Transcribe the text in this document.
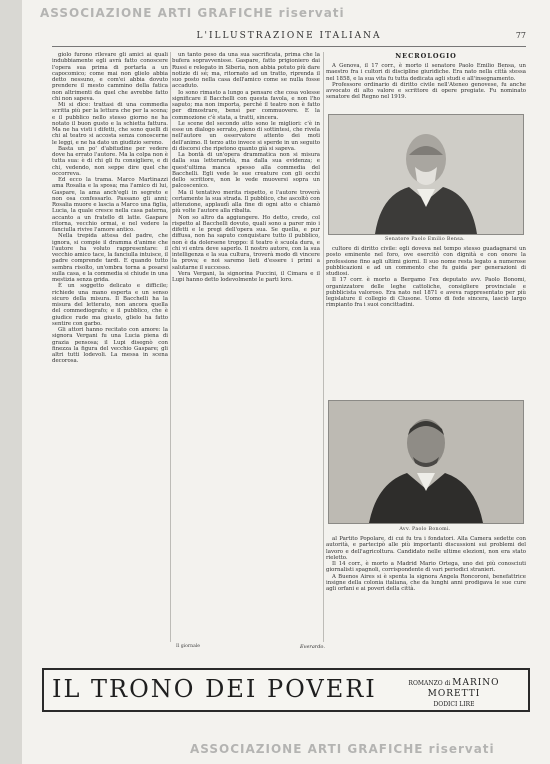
ASSOCIAZIONE ARTI GRAFICHE riservati
ASSOCIAZIONE ARTI GRAFICHE riservati
L'ILLUSTRAZIONE ITALIANA	77

giolo furono rilevare gli amici ai quali indubbiamente egli avrà fatto conoscere l'opera sua prima di portarla a un capocomico; come mai non glielo abbia detto nessuno, e com'ei abbia dovuto prendere il mesto cammino della fatica non altrimenti da quel che avrebbe fatto chi non sapeva.

Mi si dice: trattasi di una commedia scritta più per la lettura che per la scena; e il pubblico nello stesso giorno ne ha notato il buon gusto e la schietta fattura. Ma ne ha visti i difetti, che sono quelli di chi al teatro si accosta senza conoscerne le leggi, e ne ha dato un giudizio sereno.

Basta un po' d'abitudine per vedere dove ha errato l'autore. Ma la colpa non è tutta sua: è di chi gli fu consigliere, e di chi, vedendo, non seppe dire quel che occorreva.

Ed ecco la trama. Marco Martinazzi ama Rosalia e la sposa; ma l'amico di lui, Gaspare, la ama anch'egli in segreto e non osa confessarlo. Passano gli anni; Rosalia muore e lascia a Marco una figlia, Lucia, la quale cresce nella casa paterna, accanto a un fratello di latte. Gaspare ritorna, vecchio ormai, e nel vedere la fanciulla rivive l'amore antico.

Nella trepida attesa del padre, che ignora, si compie il dramma d'anime che l'autore ha voluto rappresentare: il vecchio amico tace, la fanciulla intuisce, il padre comprende tardi. E quando tutto sembra risolto, un'ombra torna a posarsi sulla casa, e la commedia si chiude in una mestizia senza grida.

È un soggetto delicato e difficile; richiede una mano esperta e un senso sicuro della misura. Il Bacchelli ha la misura del letterato, non ancora quella del commediografo; e il pubblico, che è giudice rude ma giusto, glielo ha fatto sentire con garbo.

Gli attori hanno recitato con amore: la signora Vergani fu una Lucia piena di grazia pensosa; il Lupi disegnò con finezza la figura del vecchio Gaspare; gli altri tutti lodevoli. La messa in scena decorosa.

un tanto peso da una sua sacrificata, prima che la bufera sopravvenisse. Gaspare, fatto prigioniero dai Russi e relegato in Siberia, non abbia potuto più dare notizie di sé; ma, ritornato ad un tratto, riprenda il suo posto nella casa dell'amico come se nulla fosse accaduto.

Io sono rimasto a lungo a pensare che cosa volesse significare il Bacchelli con questa favola, e non l'ho saputo; ma non importa, perché il teatro non è fatto per dimostrare, bensì per commuovere. E la commozione c'è stata, a tratti, sincera.

Le scene del secondo atto sono le migliori: c'è in esse un dialogo serrato, pieno di sottintesi, che rivela nell'autore un osservatore attento dei moti dell'animo. Il terzo atto invece si sperde in un seguito di discorsi che ripetono quanto già si sapeva.

La bontà di un'opera drammatica non si misura dalla sua letterarietà, ma dalla sua evidenza; e quest'ultima manca spesso alla commedia del Bacchelli. Egli vede le sue creature con gli occhi dello scrittore, non le vede muoversi sopra un palcoscenico.

Ma il tentativo merita rispetto, e l'autore troverà certamente la sua strada. Il pubblico, che ascoltò con attenzione, applaudì alla fine di ogni atto e chiamò più volte l'autore alla ribalta.

Non so altro da aggiungere. Ho detto, credo, col rispetto al Bacchelli dovuto, quali sono a parer mio i difetti e le pregi dell'opera sua. Se quella, e pur diffusa, non ha saputo conquistare tutto il pubblico, non è da dolersene troppo: il teatro è scuola dura, e chi vi entra deve saperlo. Il nostro autore, con la sua intelligenza e la sua cultura, troverà modo di vincere la prova; e noi saremo lieti d'essere i primi a salutarne il successo.

Vera Vergani, la signorina Puccini, il Cimara e il Lupi hanno detto lodevolmente le parti loro.

NECROLOGIO

A Genova, il 17 corr., è morto il senatore Paolo Emilio Bensa, un maestro fra i cultori di discipline giuridiche. Era nato nella città stessa nel 1858, e la sua vita fu tutta dedicata agli studi e all'insegnamento.

Professore ordinario di diritto civile nell'Ateneo genovese, fu anche avvocato di alto valore e scrittore di opere pregiate. Fu nominato senatore del Regno nel 1919.

Senatore Paolo Emilio Bensa.

cultore di diritto civile: egli doveva nel tempo stesso guadagnarsi un posto eminente nel foro, ove esercitò con dignità e con onore la professione fino agli ultimi giorni. Il suo nome resta legato a numerose pubblicazioni e ad un commento che fu guida per generazioni di studiosi.

Il 17 corr. è morto a Bergamo l'ex deputato avv. Paolo Bonomi, organizzatore delle leghe cattoliche, consigliere provinciale e pubblicista valoroso. Era nato nel 1871 e aveva rappresentato per più legislature il collegio di Clusone. Uomo di fede sincera, lasciò largo rimpianto fra i suoi concittadini.

Avv. Paolo Bonomi.

al Partito Popolare, di cui fu tra i fondatori. Alla Camera sedette con autorità, e partecipò alle più importanti discussioni sui problemi del lavoro e dell'agricoltura. Candidato nelle ultime elezioni, non era stato rieletto.

Il 14 corr., è morto a Madrid Mario Ortega, uno dei più conosciuti giornalisti spagnoli, corrispondente di vari periodici stranieri.

A Buenos Aires si è spenta la signora Angela Roncoroni, benefattrice insigne della colonia italiana, che da lunghi anni prodigava le sue cure agli orfani e ai poveri della città.

Il giornale	Everardo.
IL TRONO DEI POVERI	ROMANZO di MARINO MORETTI
DODICI LIRE
